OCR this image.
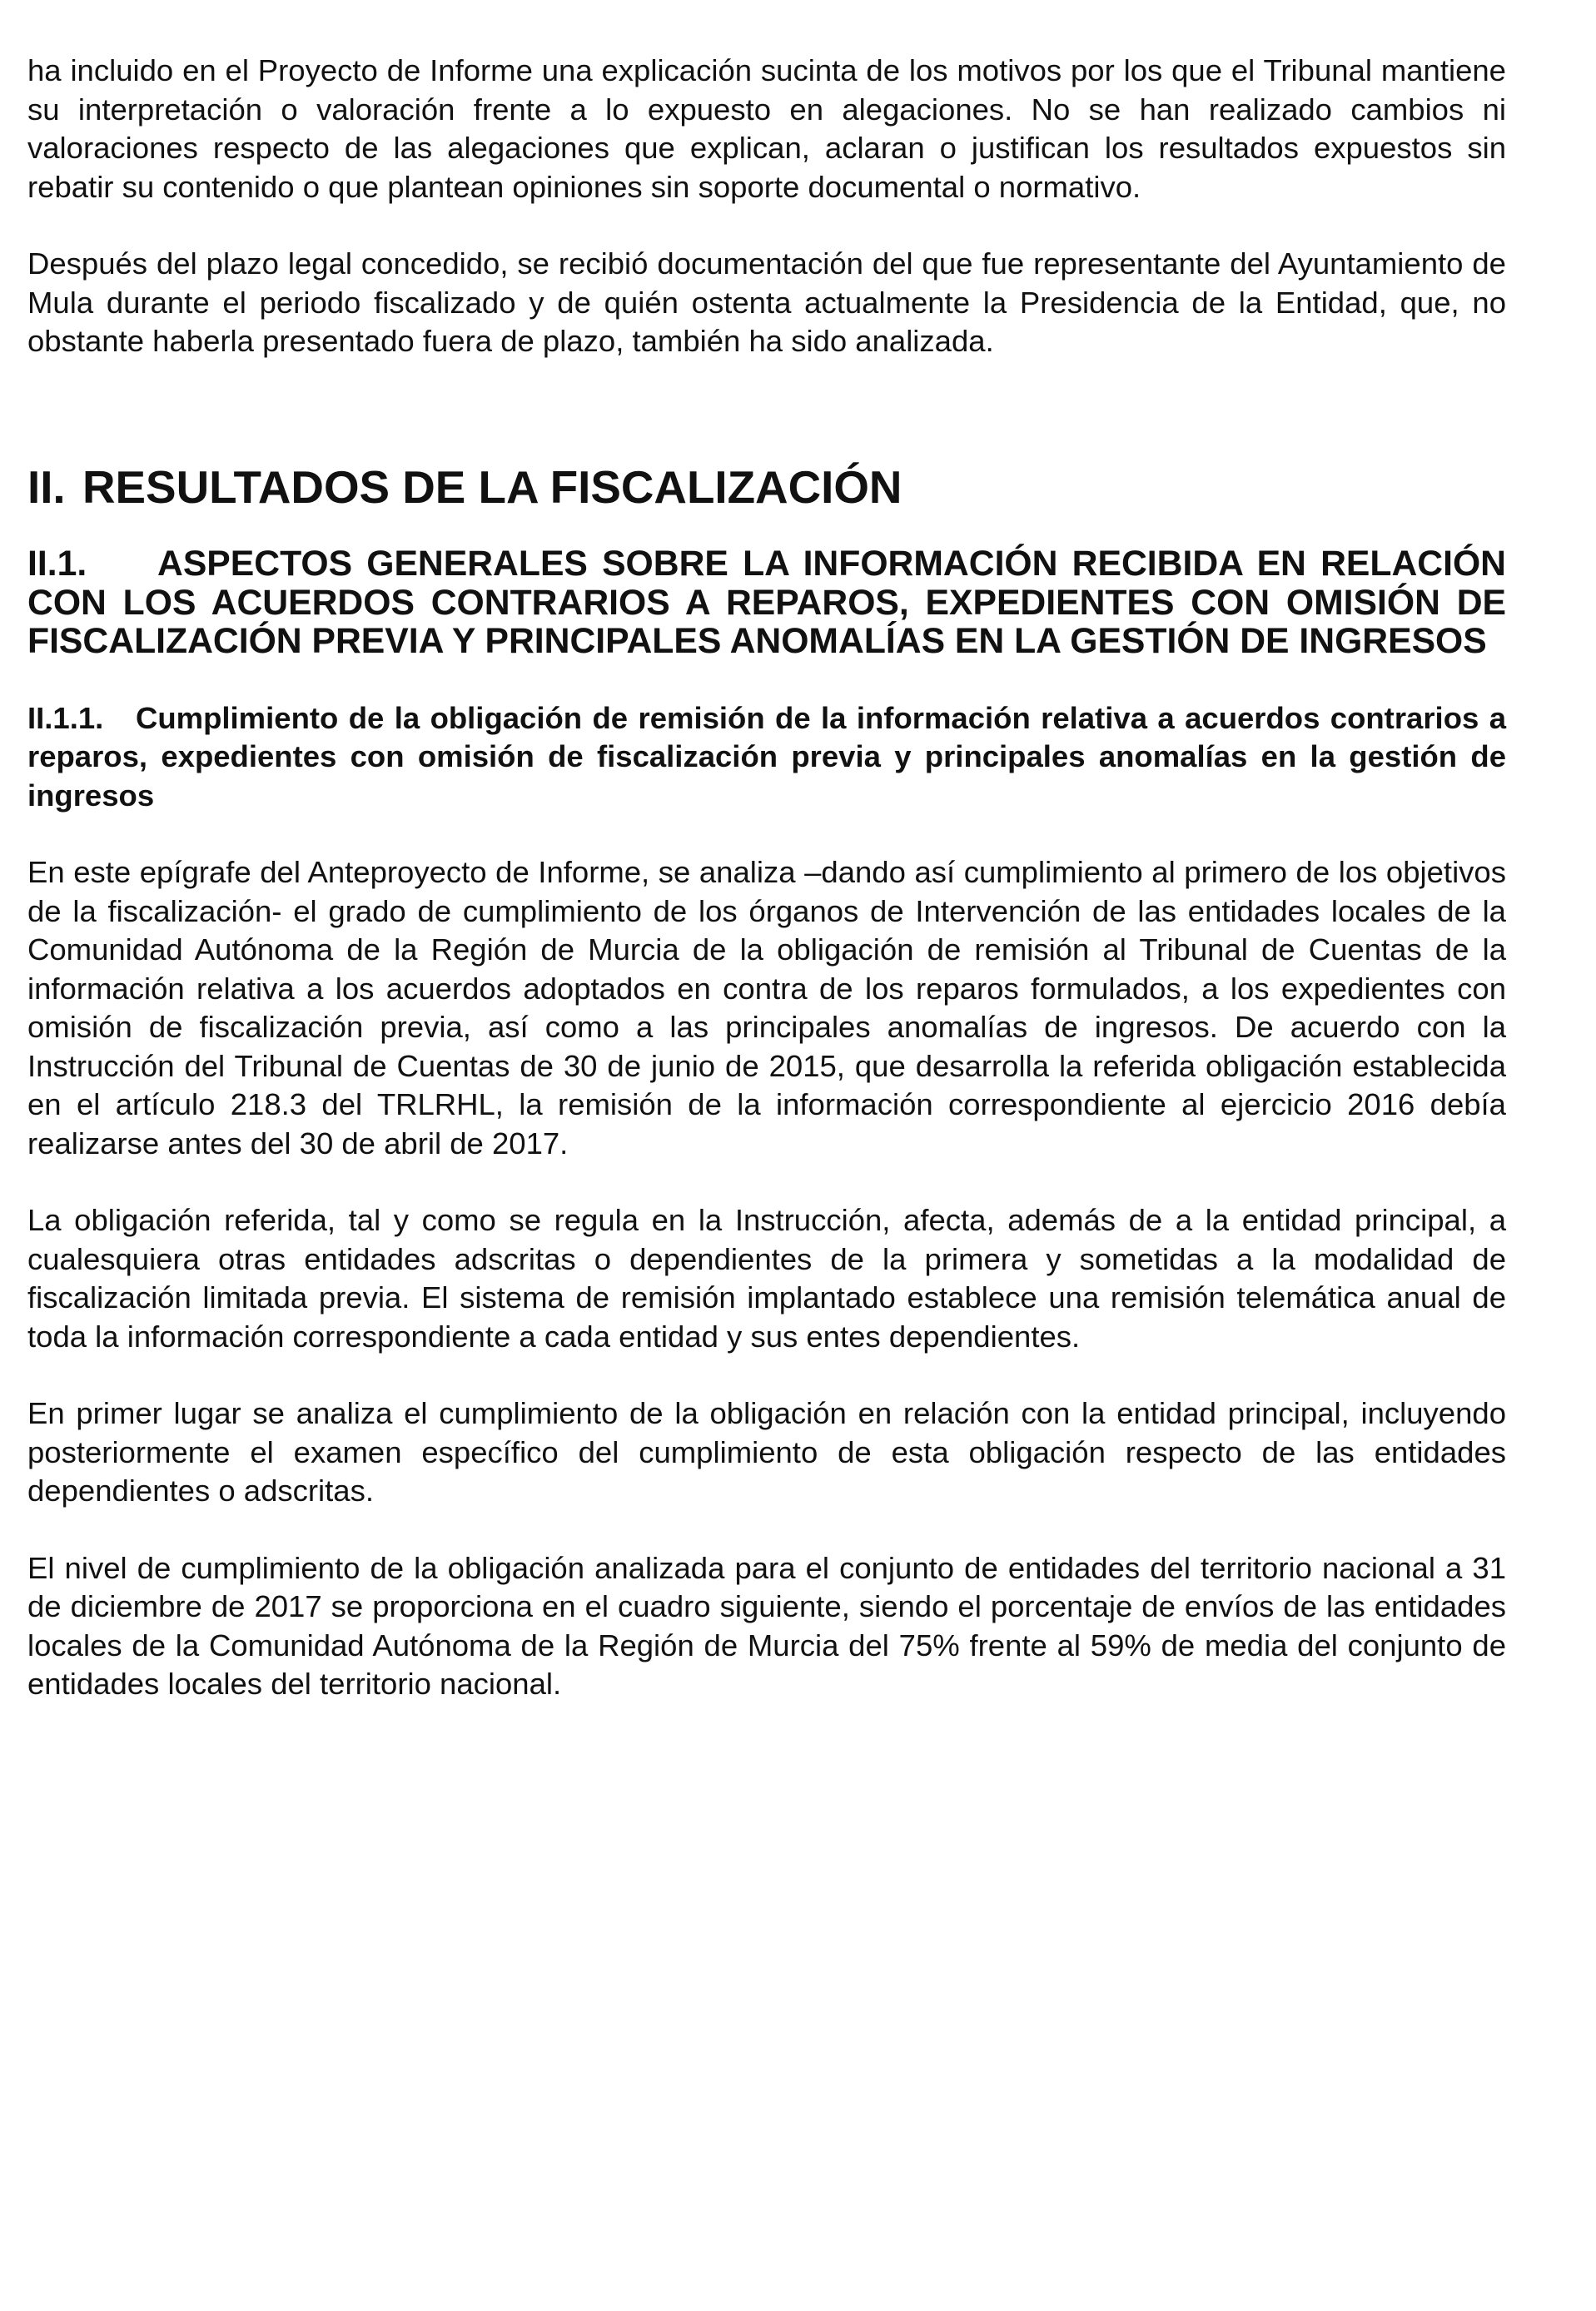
ha incluido en el Proyecto de Informe una explicación sucinta de los motivos por los que el Tribunal mantiene su interpretación o valoración frente a lo expuesto en alegaciones. No se han realizado cambios ni valoraciones respecto de las alegaciones que explican, aclaran o justifican los resultados expuestos sin rebatir su contenido o que plantean opiniones sin soporte documental o normativo.

Después del plazo legal concedido, se recibió documentación del que fue representante del Ayuntamiento de Mula durante el periodo fiscalizado y de quién ostenta actualmente la Presidencia de la Entidad, que, no obstante haberla presentado fuera de plazo, también ha sido analizada.

II. RESULTADOS DE LA FISCALIZACIÓN
II.1. ASPECTOS GENERALES SOBRE LA INFORMACIÓN RECIBIDA EN RELACIÓN CON LOS ACUERDOS CONTRARIOS A REPAROS, EXPEDIENTES CON OMISIÓN DE FISCALIZACIÓN PREVIA Y PRINCIPALES ANOMALÍAS EN LA GESTIÓN DE INGRESOS
II.1.1. Cumplimiento de la obligación de remisión de la información relativa a acuerdos contrarios a reparos, expedientes con omisión de fiscalización previa y principales anomalías en la gestión de ingresos

En este epígrafe del Anteproyecto de Informe, se analiza –dando así cumplimiento al primero de los objetivos de la fiscalización- el grado de cumplimiento de los órganos de Intervención de las entidades locales de la Comunidad Autónoma de la Región de Murcia de la obligación de remisión al Tribunal de Cuentas de la información relativa a los acuerdos adoptados en contra de los reparos formulados, a los expedientes con omisión de fiscalización previa, así como a las principales anomalías de ingresos. De acuerdo con la Instrucción del Tribunal de Cuentas de 30 de junio de 2015, que desarrolla la referida obligación establecida en el artículo 218.3 del TRLRHL, la remisión de la información correspondiente al ejercicio 2016 debía realizarse antes del 30 de abril de 2017.

La obligación referida, tal y como se regula en la Instrucción, afecta, además de a la entidad principal, a cualesquiera otras entidades adscritas o dependientes de la primera y sometidas a la modalidad de fiscalización limitada previa. El sistema de remisión implantado establece una remisión telemática anual de toda la información correspondiente a cada entidad y sus entes dependientes.

En primer lugar se analiza el cumplimiento de la obligación en relación con la entidad principal, incluyendo posteriormente el examen específico del cumplimiento de esta obligación respecto de las entidades dependientes o adscritas.

El nivel de cumplimiento de la obligación analizada para el conjunto de entidades del territorio nacional a 31 de diciembre de 2017 se proporciona en el cuadro siguiente, siendo el porcentaje de envíos de las entidades locales de la Comunidad Autónoma de la Región de Murcia del 75% frente al 59% de media del conjunto de entidades locales del territorio nacional.
